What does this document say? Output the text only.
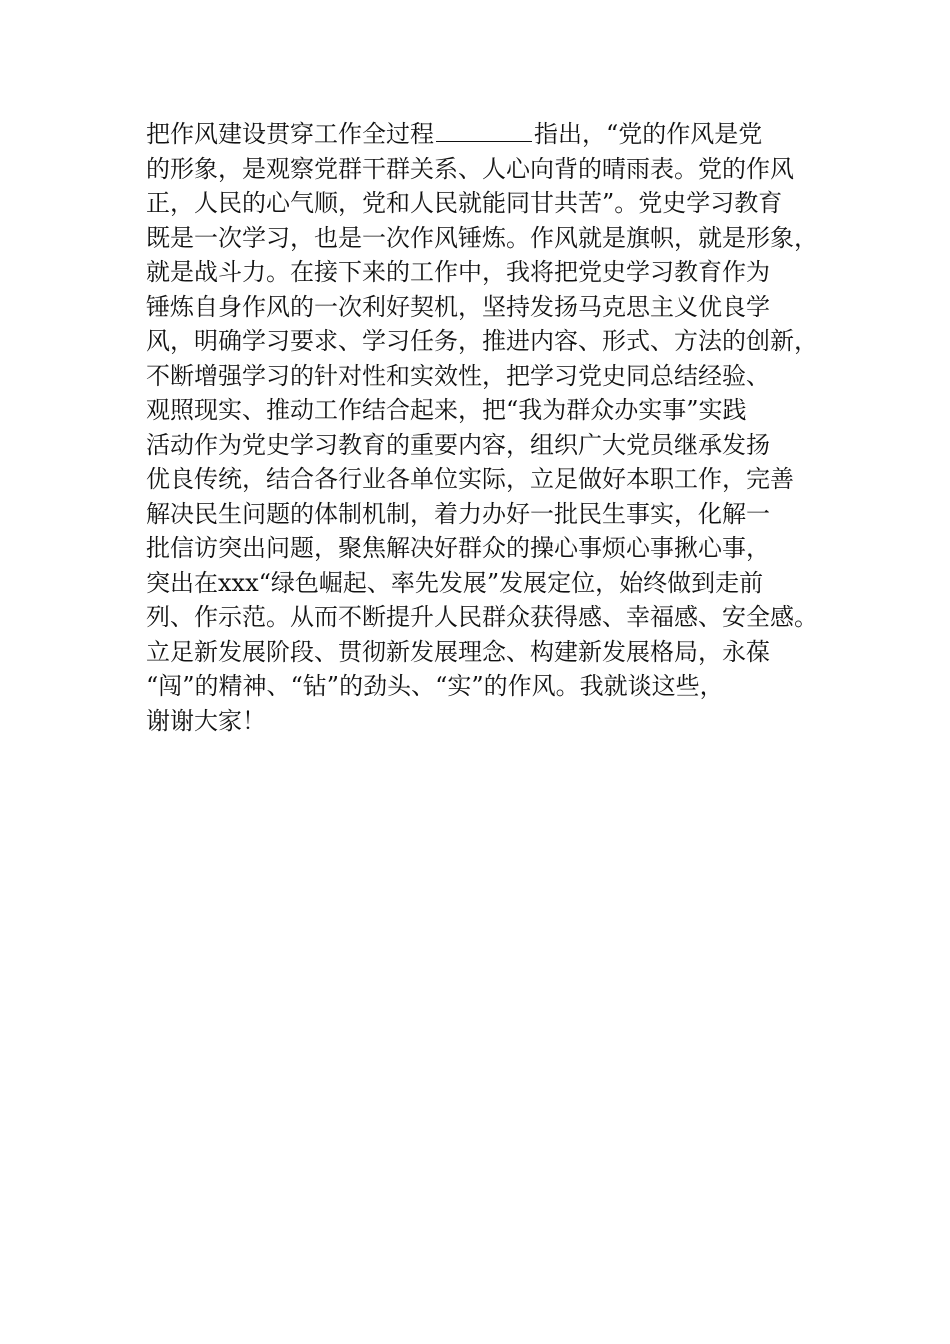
把作风建设贯穿工作全过程	指出，“党的作风是党
的形象，是观察党群干群关系、人心向背的晴雨表。党的作风
正，人民的心气顺，党和人民就能同甘共苦”。党史学习教育
既是一次学习，也是一次作风锤炼。作风就是旗帜，就是形象，
就是战斗力。在接下来的工作中，我将把党史学习教育作为
锤炼自身作风的一次利好契机，坚持发扬马克思主义优良学
风，明确学习要求、学习任务，推进内容、形式、方法的创新，
不断增强学习的针对性和实效性，把学习党史同总结经验、
观照现实、推动工作结合起来，把“我为群众办实事”实践
活动作为党史学习教育的重要内容，组织广大党员继承发扬
优良传统，结合各行业各单位实际，立足做好本职工作，完善
解决民生问题的体制机制，着力办好一批民生事实，化解一
批信访突出问题，聚焦解决好群众的操心事烦心事揪心事，
突出在xxx“绿色崛起、率先发展”发展定位，始终做到走前
列、作示范。从而不断提升人民群众获得感、幸福感、安全感。
立足新发展阶段、贯彻新发展理念、构建新发展格局，永葆
“闯”的精神、“钻”的劲头、“实”的作风。我就谈这些，
谢谢大家！
